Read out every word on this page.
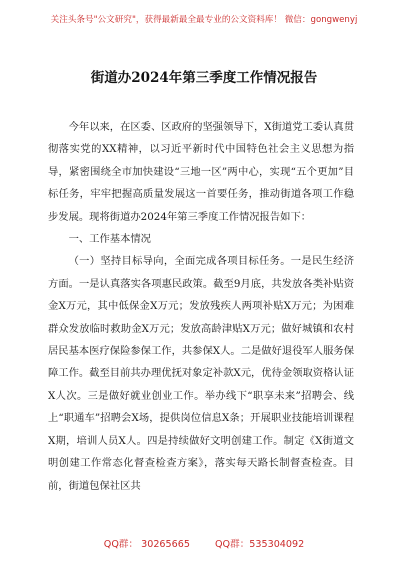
关注头条号"公文研究"，获得最新最全最专业的公文资料库！ 微信：gongwenyj
街道办2024年第三季度工作情况报告

今年以来，在区委、区政府的坚强领导下，X街道党工委认真贯彻落实党的XX精神，以习近平新时代中国特色社会主义思想为指导，紧密围绕全市加快建设“三地一区”两中心，实现“五个更加”目标任务，牢牢把握高质量发展这一首要任务，推动街道各项工作稳步发展。现将街道办2024年第三季度工作情况报告如下：

一、工作基本情况

（一）坚持目标导向，全面完成各项目标任务。一是民生经济方面。一是认真落实各项惠民政策。截至9月底，共发放各类补贴资金X万元，其中低保金X万元；发放残疾人两项补贴X万元；为困难群众发放临时救助金X万元；发放高龄津贴X万元；做好城镇和农村居民基本医疗保险参保工作，共参保X人。二是做好退役军人服务保障工作。截至目前共办理优抚对象定补款X元，优待金领取资格认证X人次。三是做好就业创业工作。举办线下“职享未来”招聘会、线上“职通车”招聘会X场，提供岗位信息X条；开展职业技能培训课程X期，培训人员X人。四是持续做好文明创建工作。制定《X街道文明创建工作常态化督查检查方案》，落实每天路长制督查检查。目前，街道包保社区共

QQ群： 30265665	QQ群：535304092
